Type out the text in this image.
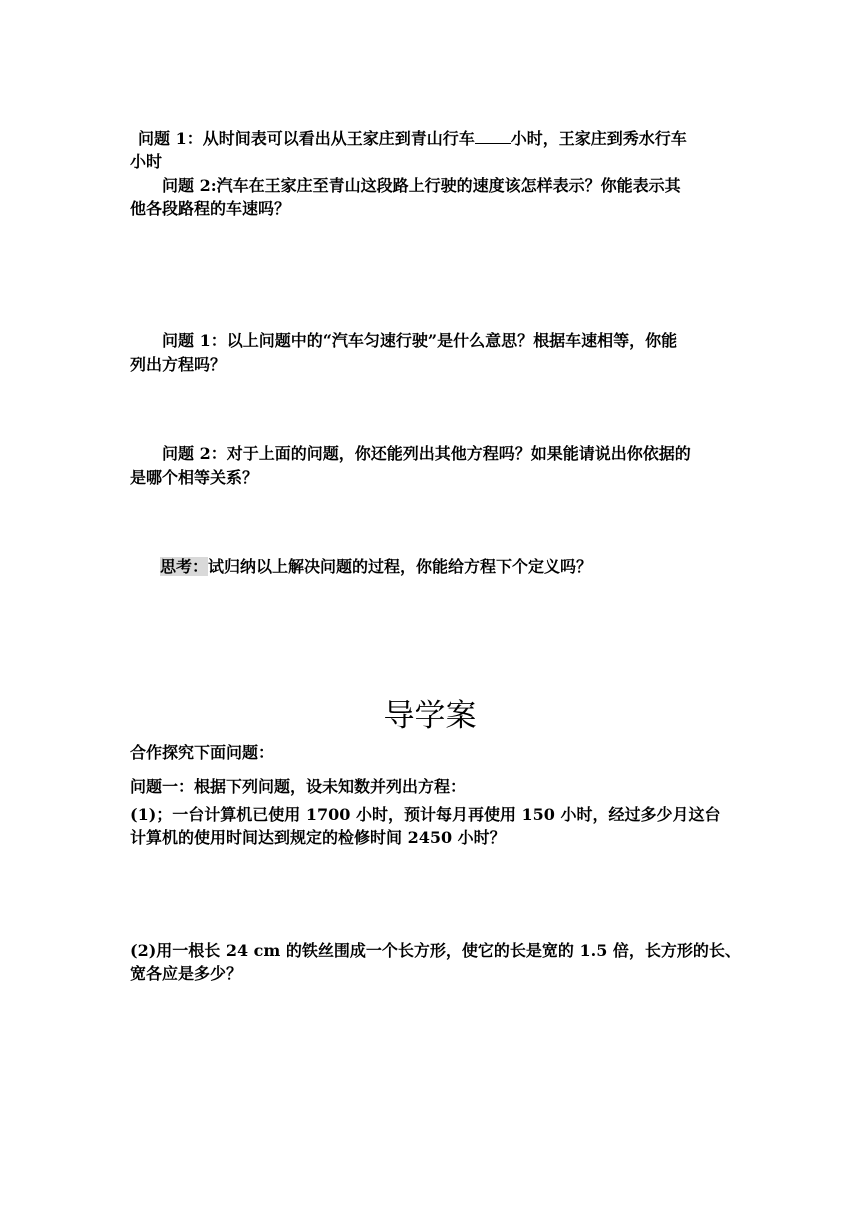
问题 1：从时间表可以看出从王家庄到青山行车 小时，王家庄到秀水行车
小时
问题 2:汽车在王家庄至青山这段路上行驶的速度该怎样表示？你能表示其
他各段路程的车速吗？
问题 1：以上问题中的“汽车匀速行驶”是什么意思？根据车速相等，你能
列出方程吗？
问题 2：对于上面的问题，你还能列出其他方程吗？如果能请说出你依据的
是哪个相等关系？
思考：试归纳以上解决问题的过程，你能给方程下个定义吗？
导学案
合作探究下面问题：
问题一：根据下列问题，设未知数并列出方程：
(1)；一台计算机已使用 1700 小时，预计每月再使用 150 小时，经过多少月这台
计算机的使用时间达到规定的检修时间 2450 小时？
(2)用一根长 24 cm 的铁丝围成一个长方形，使它的长是宽的 1.5 倍，长方形的长、
宽各应是多少？
